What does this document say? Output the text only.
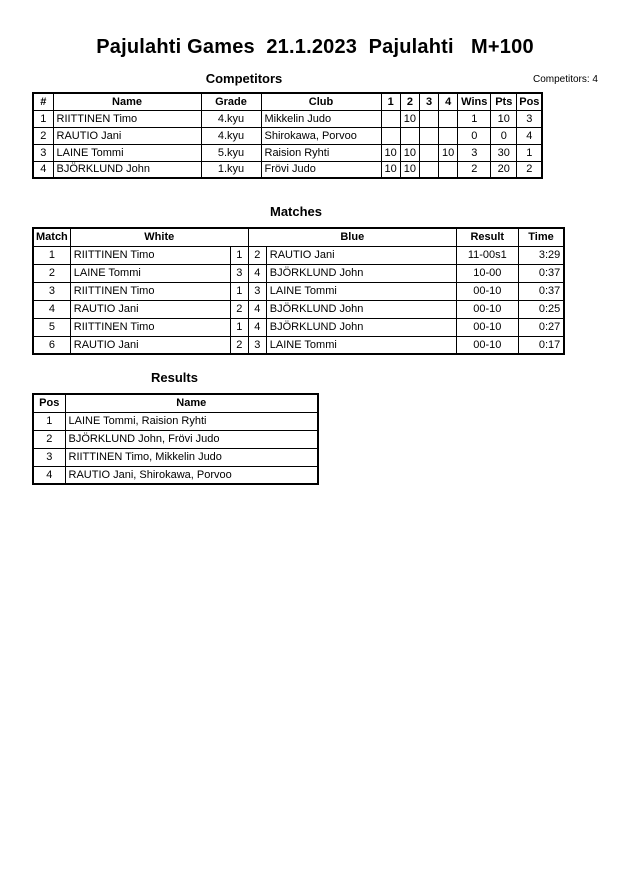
Pajulahti Games  21.1.2023  Pajulahti   M+100
Competitors	Competitors: 4
#	Name	Grade	Club	1	2	3	4	Wins	Pts	Pos
1	RIITTINEN Timo	4.kyu	Mikkelin Judo		10			1	10	3
2	RAUTIO Jani	4.kyu	Shirokawa, Porvoo					0	0	4
3	LAINE Tommi	5.kyu	Raision Ryhti	10	10		10	3	30	1
4	BJÖRKLUND John	1.kyu	Frövi Judo	10	10			2	20	2
Matches
Match	White		Blue		Result	Time
1	RIITTINEN Timo	1	2	RAUTIO Jani	11-00s1	3:29
2	LAINE Tommi	3	4	BJÖRKLUND John	10-00	0:37
3	RIITTINEN Timo	1	3	LAINE Tommi	00-10	0:37
4	RAUTIO Jani	2	4	BJÖRKLUND John	00-10	0:25
5	RIITTINEN Timo	1	4	BJÖRKLUND John	00-10	0:27
6	RAUTIO Jani	2	3	LAINE Tommi	00-10	0:17
Results
Pos	Name
1	LAINE Tommi, Raision Ryhti
2	BJÖRKLUND John, Frövi Judo
3	RIITTINEN Timo, Mikkelin Judo
4	RAUTIO Jani, Shirokawa, Porvoo
